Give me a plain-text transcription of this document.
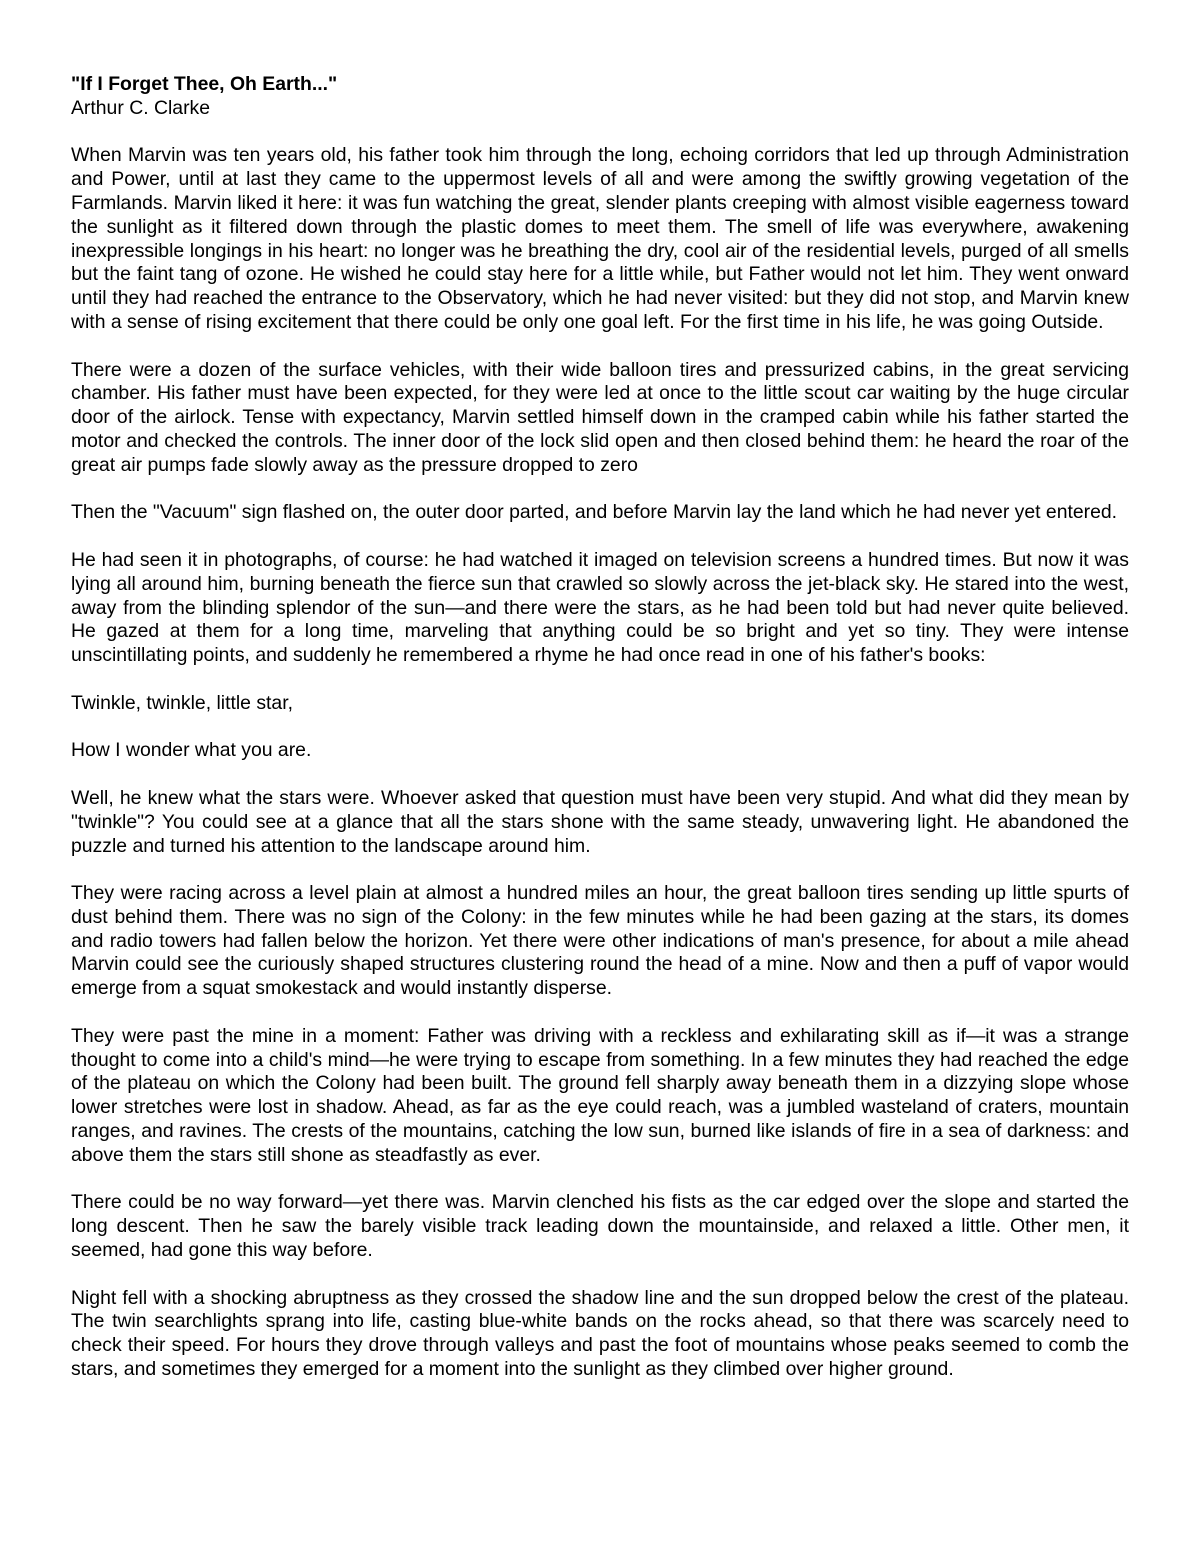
"If I Forget Thee, Oh Earth..."
Arthur C. Clarke

When Marvin was ten years old, his father took him through the long, echoing corridors that led up through Administration and Power, until at last they came to the uppermost levels of all and were among the swiftly growing vegetation of the Farmlands. Marvin liked it here: it was fun watching the great, slender plants creeping with almost visible eagerness toward the sunlight as it filtered down through the plastic domes to meet them. The smell of life was everywhere, awakening inexpressible longings in his heart: no longer was he breathing the dry, cool air of the residential levels, purged of all smells but the faint tang of ozone. He wished he could stay here for a little while, but Father would not let him. They went onward until they had reached the entrance to the Observatory, which he had never visited: but they did not stop, and Marvin knew with a sense of rising excitement that there could be only one goal left. For the first time in his life, he was going Outside.

There were a dozen of the surface vehicles, with their wide balloon tires and pressurized cabins, in the great servicing chamber. His father must have been expected, for they were led at once to the little scout car waiting by the huge circular door of the airlock. Tense with expectancy, Marvin settled himself down in the cramped cabin while his father started the motor and checked the controls. The inner door of the lock slid open and then closed behind them: he heard the roar of the great air pumps fade slowly away as the pressure dropped to zero

Then the "Vacuum" sign flashed on, the outer door parted, and before Marvin lay the land which he had never yet entered.

He had seen it in photographs, of course: he had watched it imaged on television screens a hundred times. But now it was lying all around him, burning beneath the fierce sun that crawled so slowly across the jet-black sky. He stared into the west, away from the blinding splendor of the sun—and there were the stars, as he had been told but had never quite believed. He gazed at them for a long time, marveling that anything could be so bright and yet so tiny. They were intense unscintillating points, and suddenly he remembered a rhyme he had once read in one of his father's books:

Twinkle, twinkle, little star,

How I wonder what you are.

Well, he knew what the stars were. Whoever asked that question must have been very stupid. And what did they mean by "twinkle"? You could see at a glance that all the stars shone with the same steady, unwavering light. He abandoned the puzzle and turned his attention to the landscape around him.

They were racing across a level plain at almost a hundred miles an hour, the great balloon tires sending up little spurts of dust behind them. There was no sign of the Colony: in the few minutes while he had been gazing at the stars, its domes and radio towers had fallen below the horizon. Yet there were other indications of man's presence, for about a mile ahead Marvin could see the curiously shaped structures clustering round the head of a mine. Now and then a puff of vapor would emerge from a squat smokestack and would instantly disperse.

They were past the mine in a moment: Father was driving with a reckless and exhilarating skill as if—it was a strange thought to come into a child's mind—he were trying to escape from something. In a few minutes they had reached the edge of the plateau on which the Colony had been built. The ground fell sharply away beneath them in a dizzying slope whose lower stretches were lost in shadow. Ahead, as far as the eye could reach, was a jumbled wasteland of craters, mountain ranges, and ravines. The crests of the mountains, catching the low sun, burned like islands of fire in a sea of darkness: and above them the stars still shone as steadfastly as ever.

There could be no way forward—yet there was. Marvin clenched his fists as the car edged over the slope and started the long descent. Then he saw the barely visible track leading down the mountainside, and relaxed a little. Other men, it seemed, had gone this way before.

Night fell with a shocking abruptness as they crossed the shadow line and the sun dropped below the crest of the plateau. The twin searchlights sprang into life, casting blue-white bands on the rocks ahead, so that there was scarcely need to check their speed. For hours they drove through valleys and past the foot of mountains whose peaks seemed to comb the stars, and sometimes they emerged for a moment into the sunlight as they climbed over higher ground.
